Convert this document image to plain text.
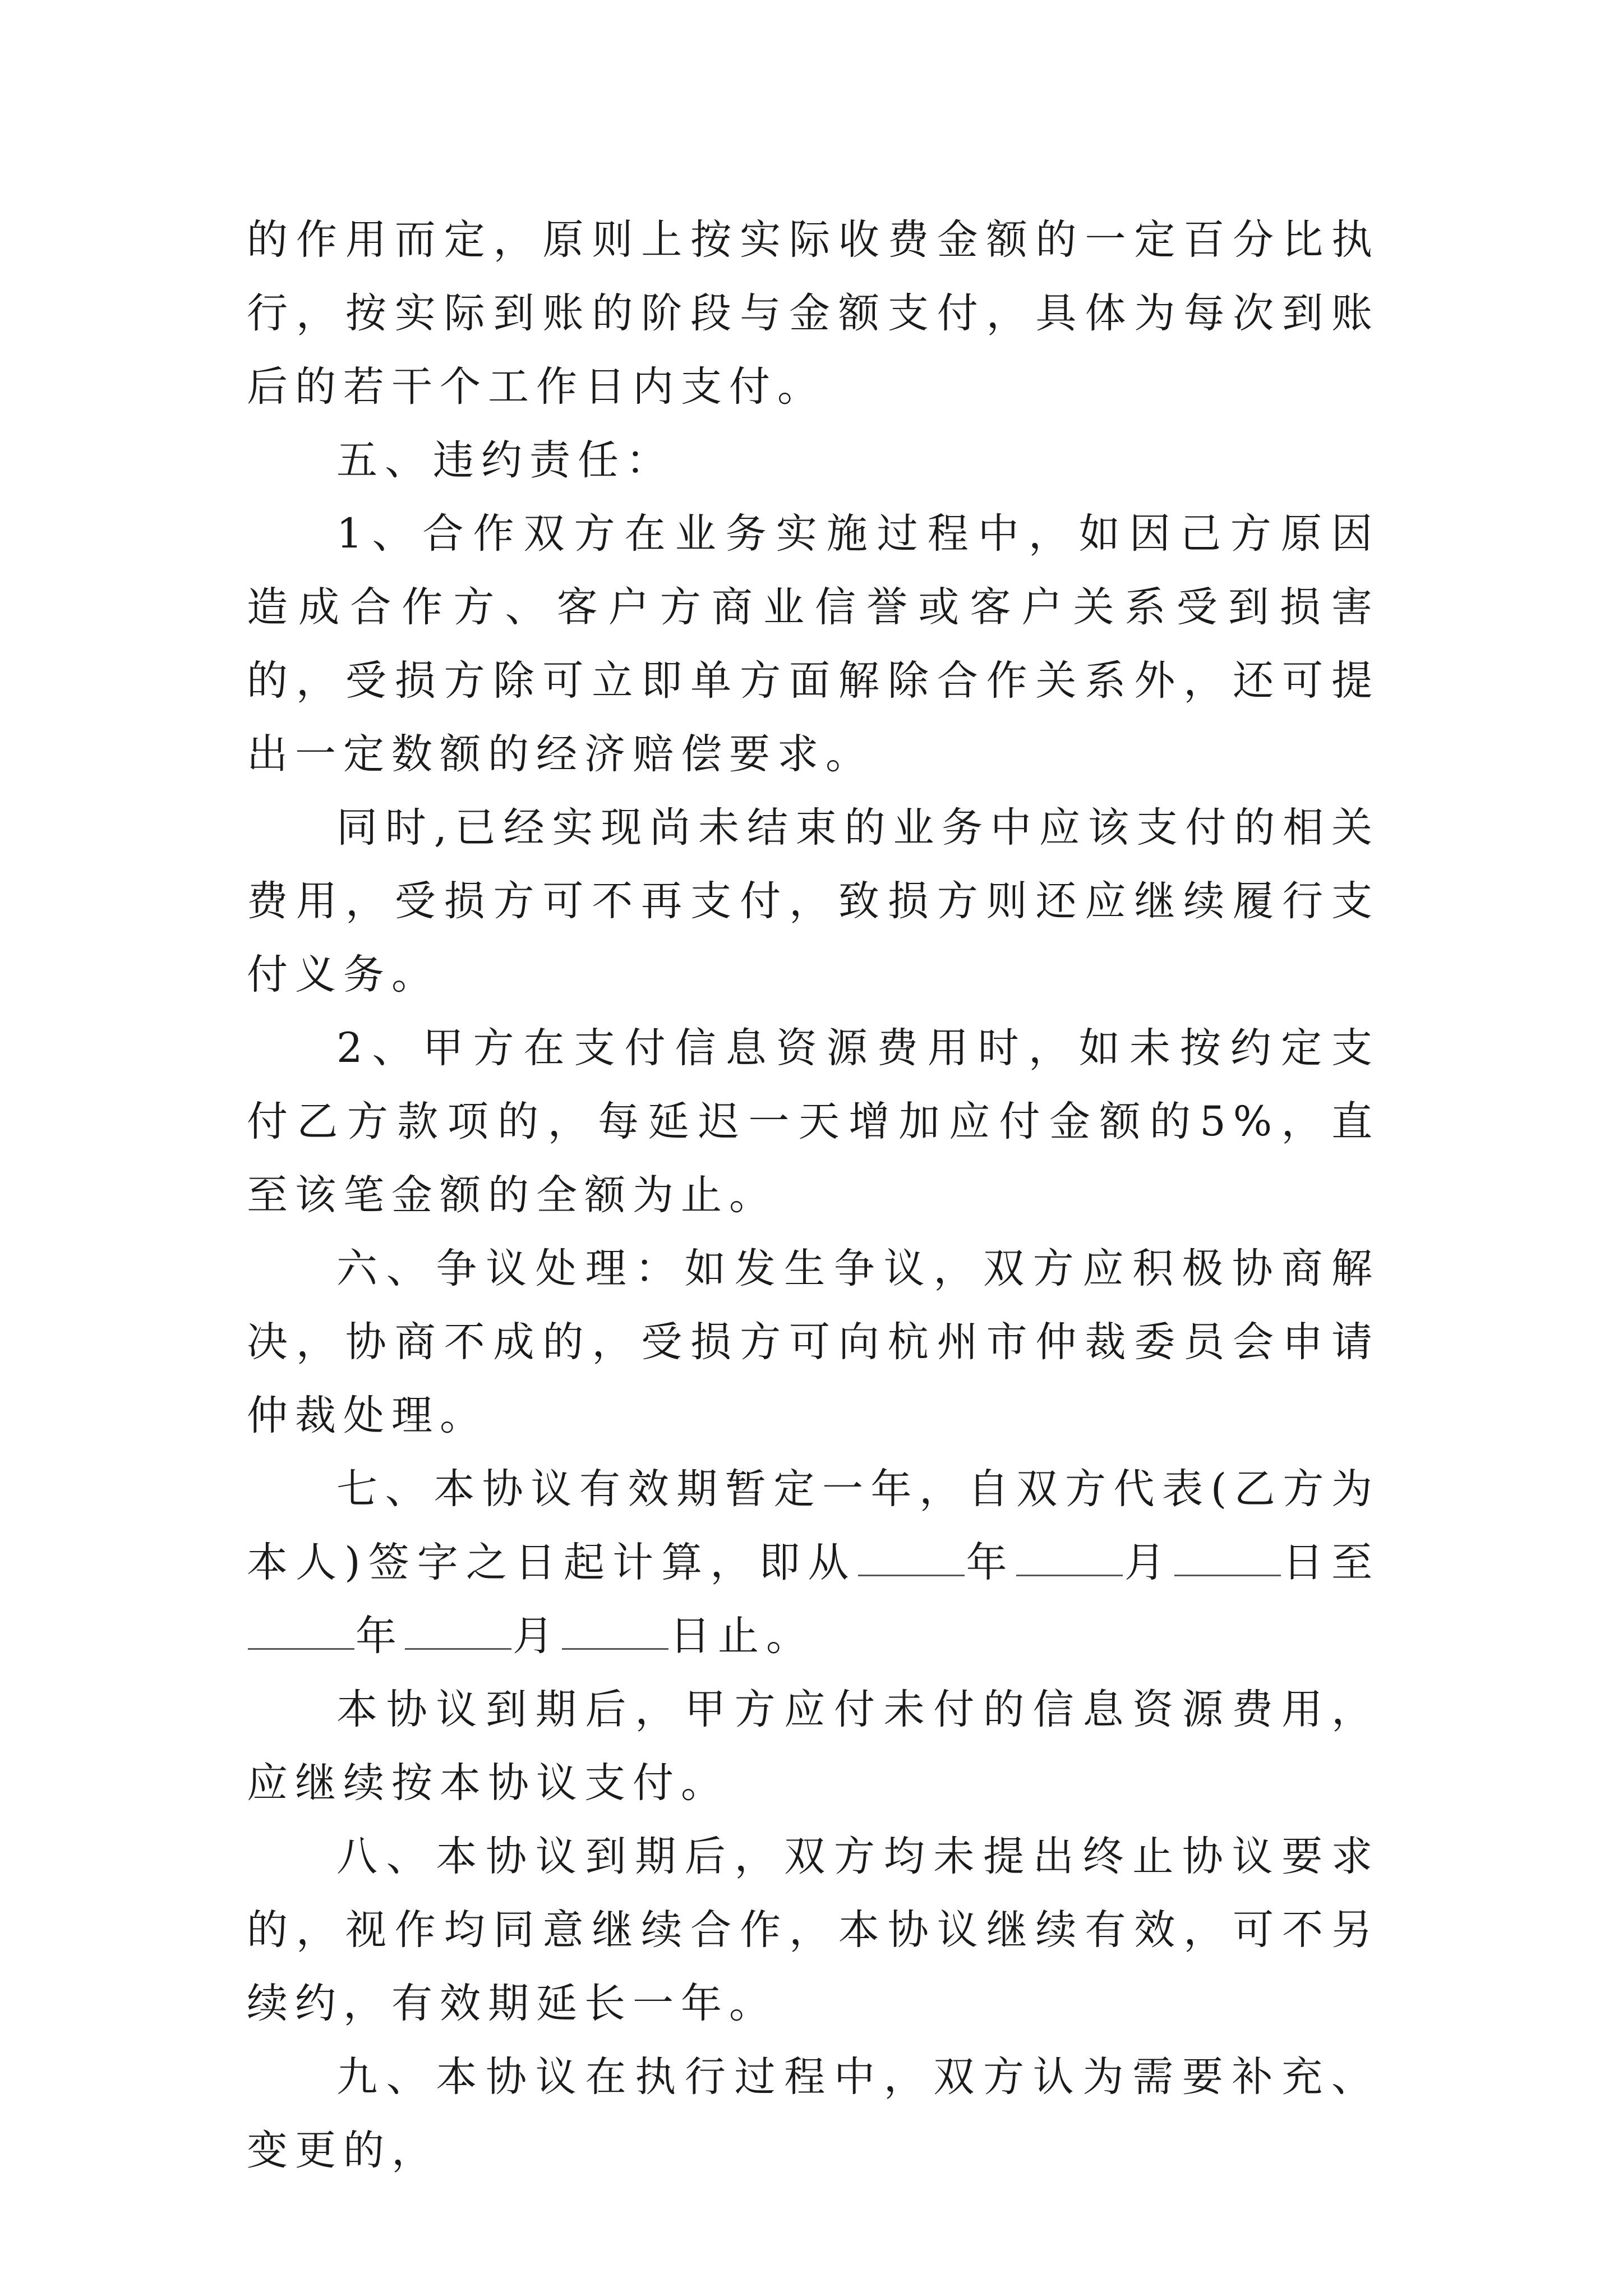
的作用而定，原则上按实际收费金额的一定百分比执行，按实际到账的阶段与金额支付，具体为每次到账后的若干个工作日内支付。

五、违约责任：

1、合作双方在业务实施过程中，如因己方原因造成合作方、客户方商业信誉或客户关系受到损害的，受损方除可立即单方面解除合作关系外，还可提出一定数额的经济赔偿要求。

同时,已经实现尚未结束的业务中应该支付的相关费用，受损方可不再支付，致损方则还应继续履行支付义务。

2、甲方在支付信息资源费用时，如未按约定支付乙方款项的，每延迟一天增加应付金额的5%，直至该笔金额的全额为止。

六、争议处理：如发生争议，双方应积极协商解决，协商不成的，受损方可向杭州市仲裁委员会申请仲裁处理。

七、本协议有效期暂定一年，自双方代表(乙方为本人)签字之日起计算，即从	年	月	日至年	月	日止。

本协议到期后，甲方应付未付的信息资源费用，应继续按本协议支付。

八、本协议到期后，双方均未提出终止协议要求的，视作均同意继续合作，本协议继续有效，可不另续约，有效期延长一年。

九、本协议在执行过程中，双方认为需要补充、变更的，
